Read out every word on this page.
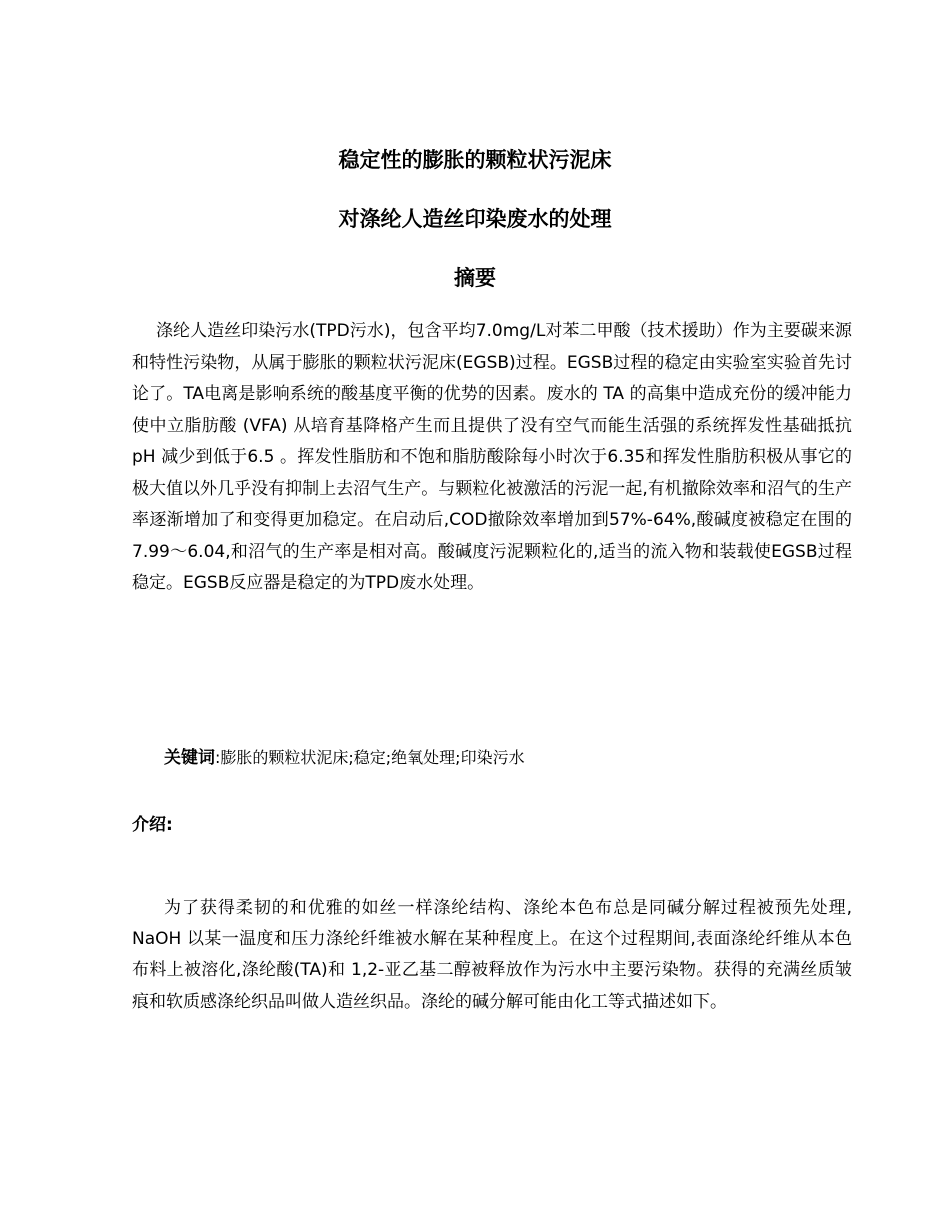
稳定性的膨胀的颗粒状污泥床
对涤纶人造丝印染废水的处理
摘要

涤纶人造丝印染污水(TPD污水)，包含平均7.0mg/L对苯二甲酸（技术援助）作为主要碳来源和特性污染物，从属于膨胀的颗粒状污泥床(EGSB)过程。EGSB过程的稳定由实验室实验首先讨论了。TA电离是影响系统的酸基度平衡的优势的因素。废水的 TA 的高集中造成充份的缓冲能力使中立脂肪酸 (VFA) 从培育基降格产生而且提供了没有空气而能生活强的系统挥发性基础抵抗 pH 减少到低于6.5 。挥发性脂肪和不饱和脂肪酸除每小时次于6.35和挥发性脂肪积极从事它的极大值以外几乎没有抑制上去沼气生产。与颗粒化被激活的污泥一起,有机撤除效率和沼气的生产率逐渐增加了和变得更加稳定。在启动后,COD撤除效率增加到57%-64%,酸碱度被稳定在围的7.99～6.04,和沼气的生产率是相对高。酸碱度污泥颗粒化的,适当的流入物和装载使EGSB过程稳定。EGSB反应器是稳定的为TPD废水处理。

关键词:膨胀的颗粒状泥床;稳定;绝氧处理;印染污水
介绍:

为了获得柔韧的和优雅的如丝一样涤纶结构、涤纶本色布总是同碱分解过程被预先处理, NaOH 以某一温度和压力涤纶纤维被水解在某种程度上。在这个过程期间,表面涤纶纤维从本色布料上被溶化,涤纶酸(TA)和 1,2-亚乙基二醇被释放作为污水中主要污染物。获得的充满丝质皱痕和软质感涤纶织品叫做人造丝织品。涤纶的碱分解可能由化工等式描述如下。
